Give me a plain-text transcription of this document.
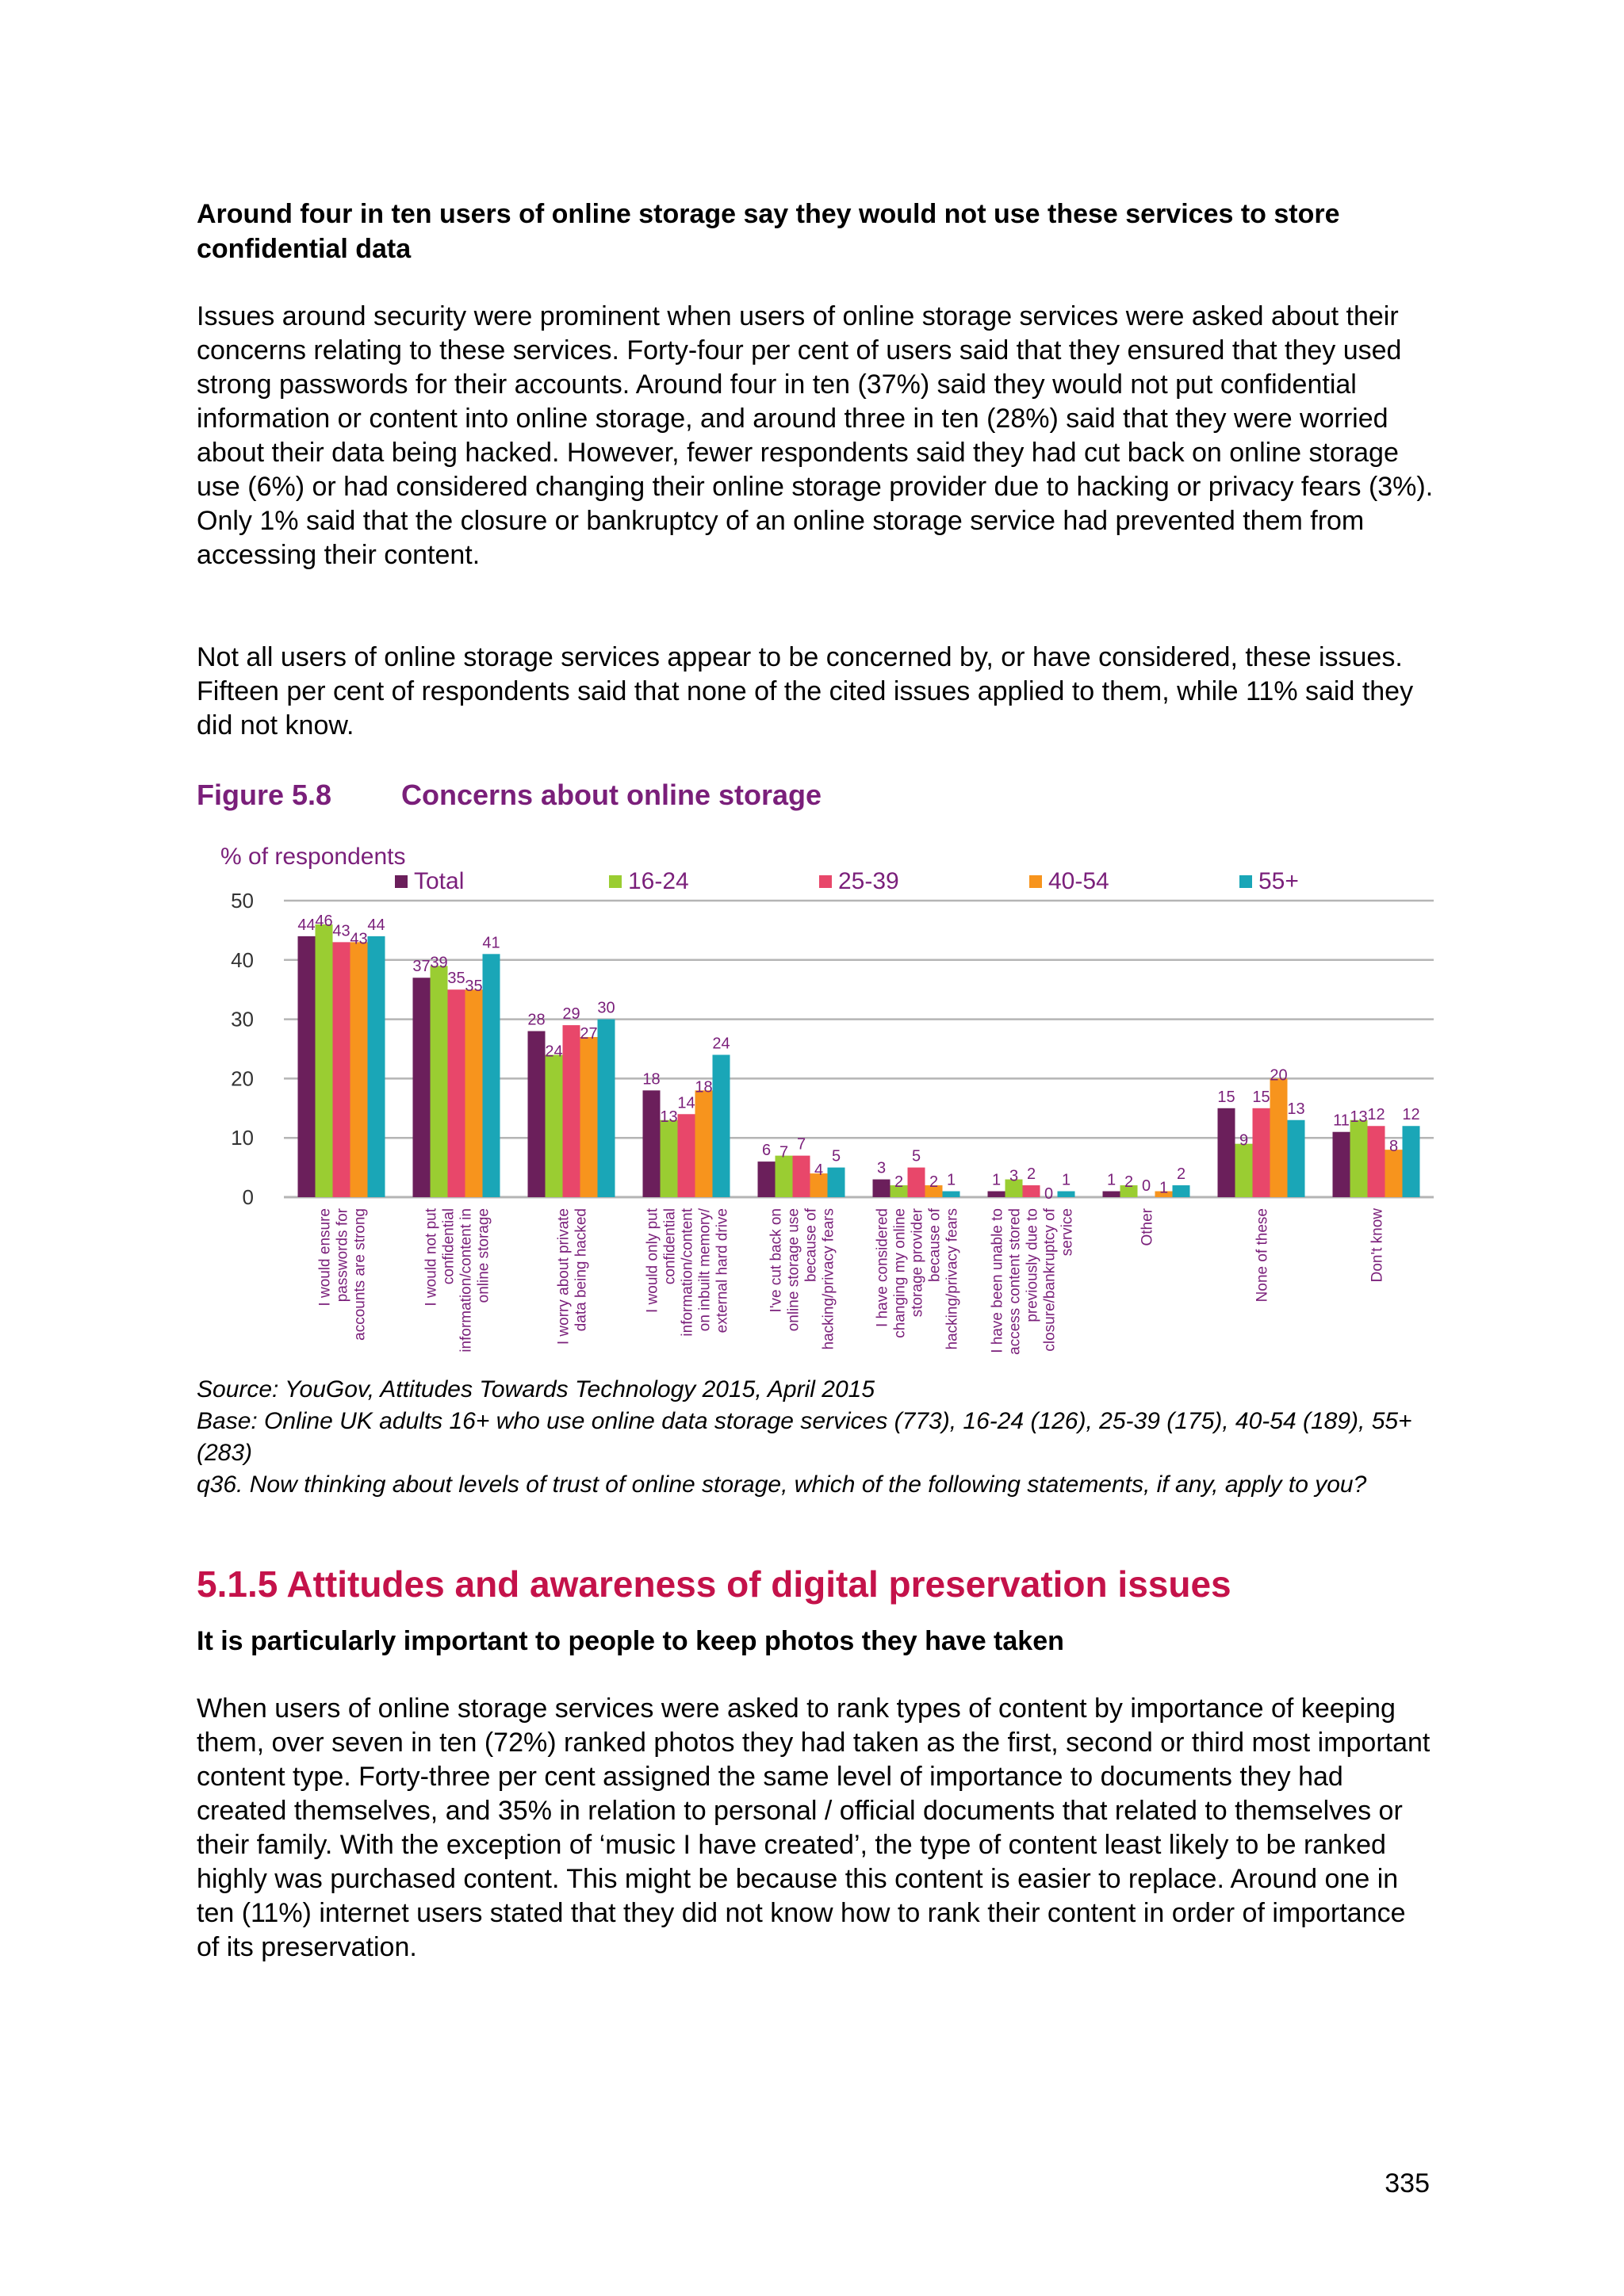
Around four in ten users of online storage say they would not use these services to store confidential data
Issues around security were prominent when users of online storage services were asked about their concerns relating to these services. Forty-four per cent of users said that they ensured that they used strong passwords for their accounts. Around four in ten (37%) said they would not put confidential information or content into online storage, and around three in ten (28%) said that they were worried about their data being hacked. However, fewer respondents said they had cut back on online storage use (6%) or had considered changing their online storage provider due to hacking or privacy fears (3%). Only 1% said that the closure or bankruptcy of an online storage service had prevented them from accessing their content.
Not all users of online storage services appear to be concerned by, or have considered, these issues. Fifteen per cent of respondents said that none of the cited issues applied to them, while 11% said they did not know.
Figure 5.8 Concerns about online storage
% of respondents
0
10
20
30
40
50
Total	16-24	25-39	40-54	55+
44 46
43 43
44
I would ensure passwords for accounts are strong
37 39
35 35
41
I would not put confidential information/content in online storage
28
24
29
27
30
I worry about private data being hacked
18
13
14
18
24
I would only put confidential information/content on inbuilt memory/ external hard drive
6 7 7
4
5
I've cut back on online storage use because of hacking/privacy fears
3
2
5
2 1
I have considered changing my online storage provider because of hacking/privacy fears
1 3 2
0
1
I have been unable to access content stored previously due to closure/bankruptcy of service
1 2 0 1
2
Other
15
9
15
20
13
None of these
11 13 12
8
12
Don't know
Source: YouGov, Attitudes Towards Technology 2015, April 2015
Base: Online UK adults 16+ who use online data storage services (773), 16-24 (126), 25-39 (175), 40-54 (189), 55+ (283)
q36. Now thinking about levels of trust of online storage, which of the following statements, if any, apply to you?
5.1.5 Attitudes and awareness of digital preservation issues
It is particularly important to people to keep photos they have taken
When users of online storage services were asked to rank types of content by importance of keeping them, over seven in ten (72%) ranked photos they had taken as the first, second or third most important content type. Forty-three per cent assigned the same level of importance to documents they had created themselves, and 35% in relation to personal / official documents that related to themselves or their family. With the exception of ‘music I have created’, the type of content least likely to be ranked highly was purchased content. This might be because this content is easier to replace. Around one in ten (11%) internet users stated that they did not know how to rank their content in order of importance of its preservation.
335
